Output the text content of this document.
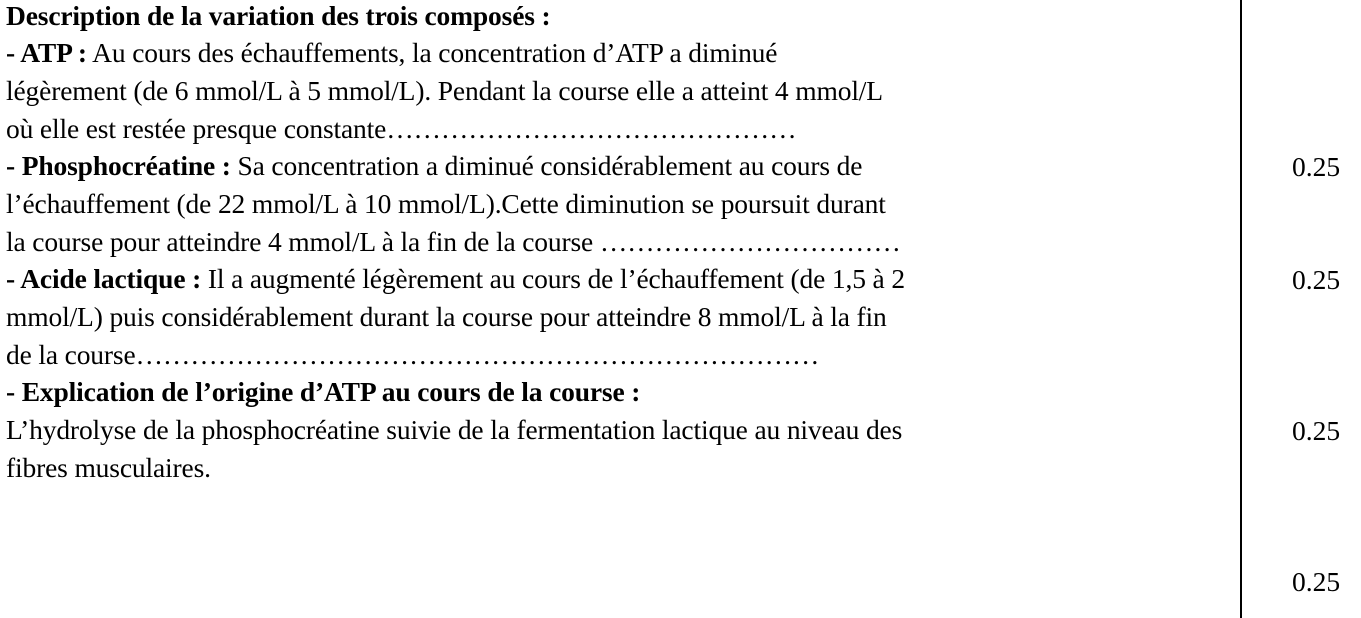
Description de la variation des trois composés :
- ATP : Au cours des échauffements, la concentration d’ATP a diminué
légèrement (de 6 mmol/L à 5 mmol/L). Pendant la course elle a atteint 4 mmol/L
où elle est restée presque constante………………………………………
- Phosphocréatine : Sa concentration a diminué considérablement au cours de
l’échauffement (de 22 mmol/L à 10 mmol/L).Cette diminution se poursuit durant
la course pour atteindre 4 mmol/L à la fin de la course ……………………………
- Acide lactique : Il a augmenté légèrement au cours de l’échauffement (de 1,5 à 2
mmol/L) puis considérablement durant la course pour atteindre 8 mmol/L à la fin
de la course…………………………………………………………………
- Explication de l’origine d’ATP au cours de la course :
L’hydrolyse de la phosphocréatine suivie de la fermentation lactique au niveau des
fibres musculaires.
0.25
0.25
0.25
0.25
